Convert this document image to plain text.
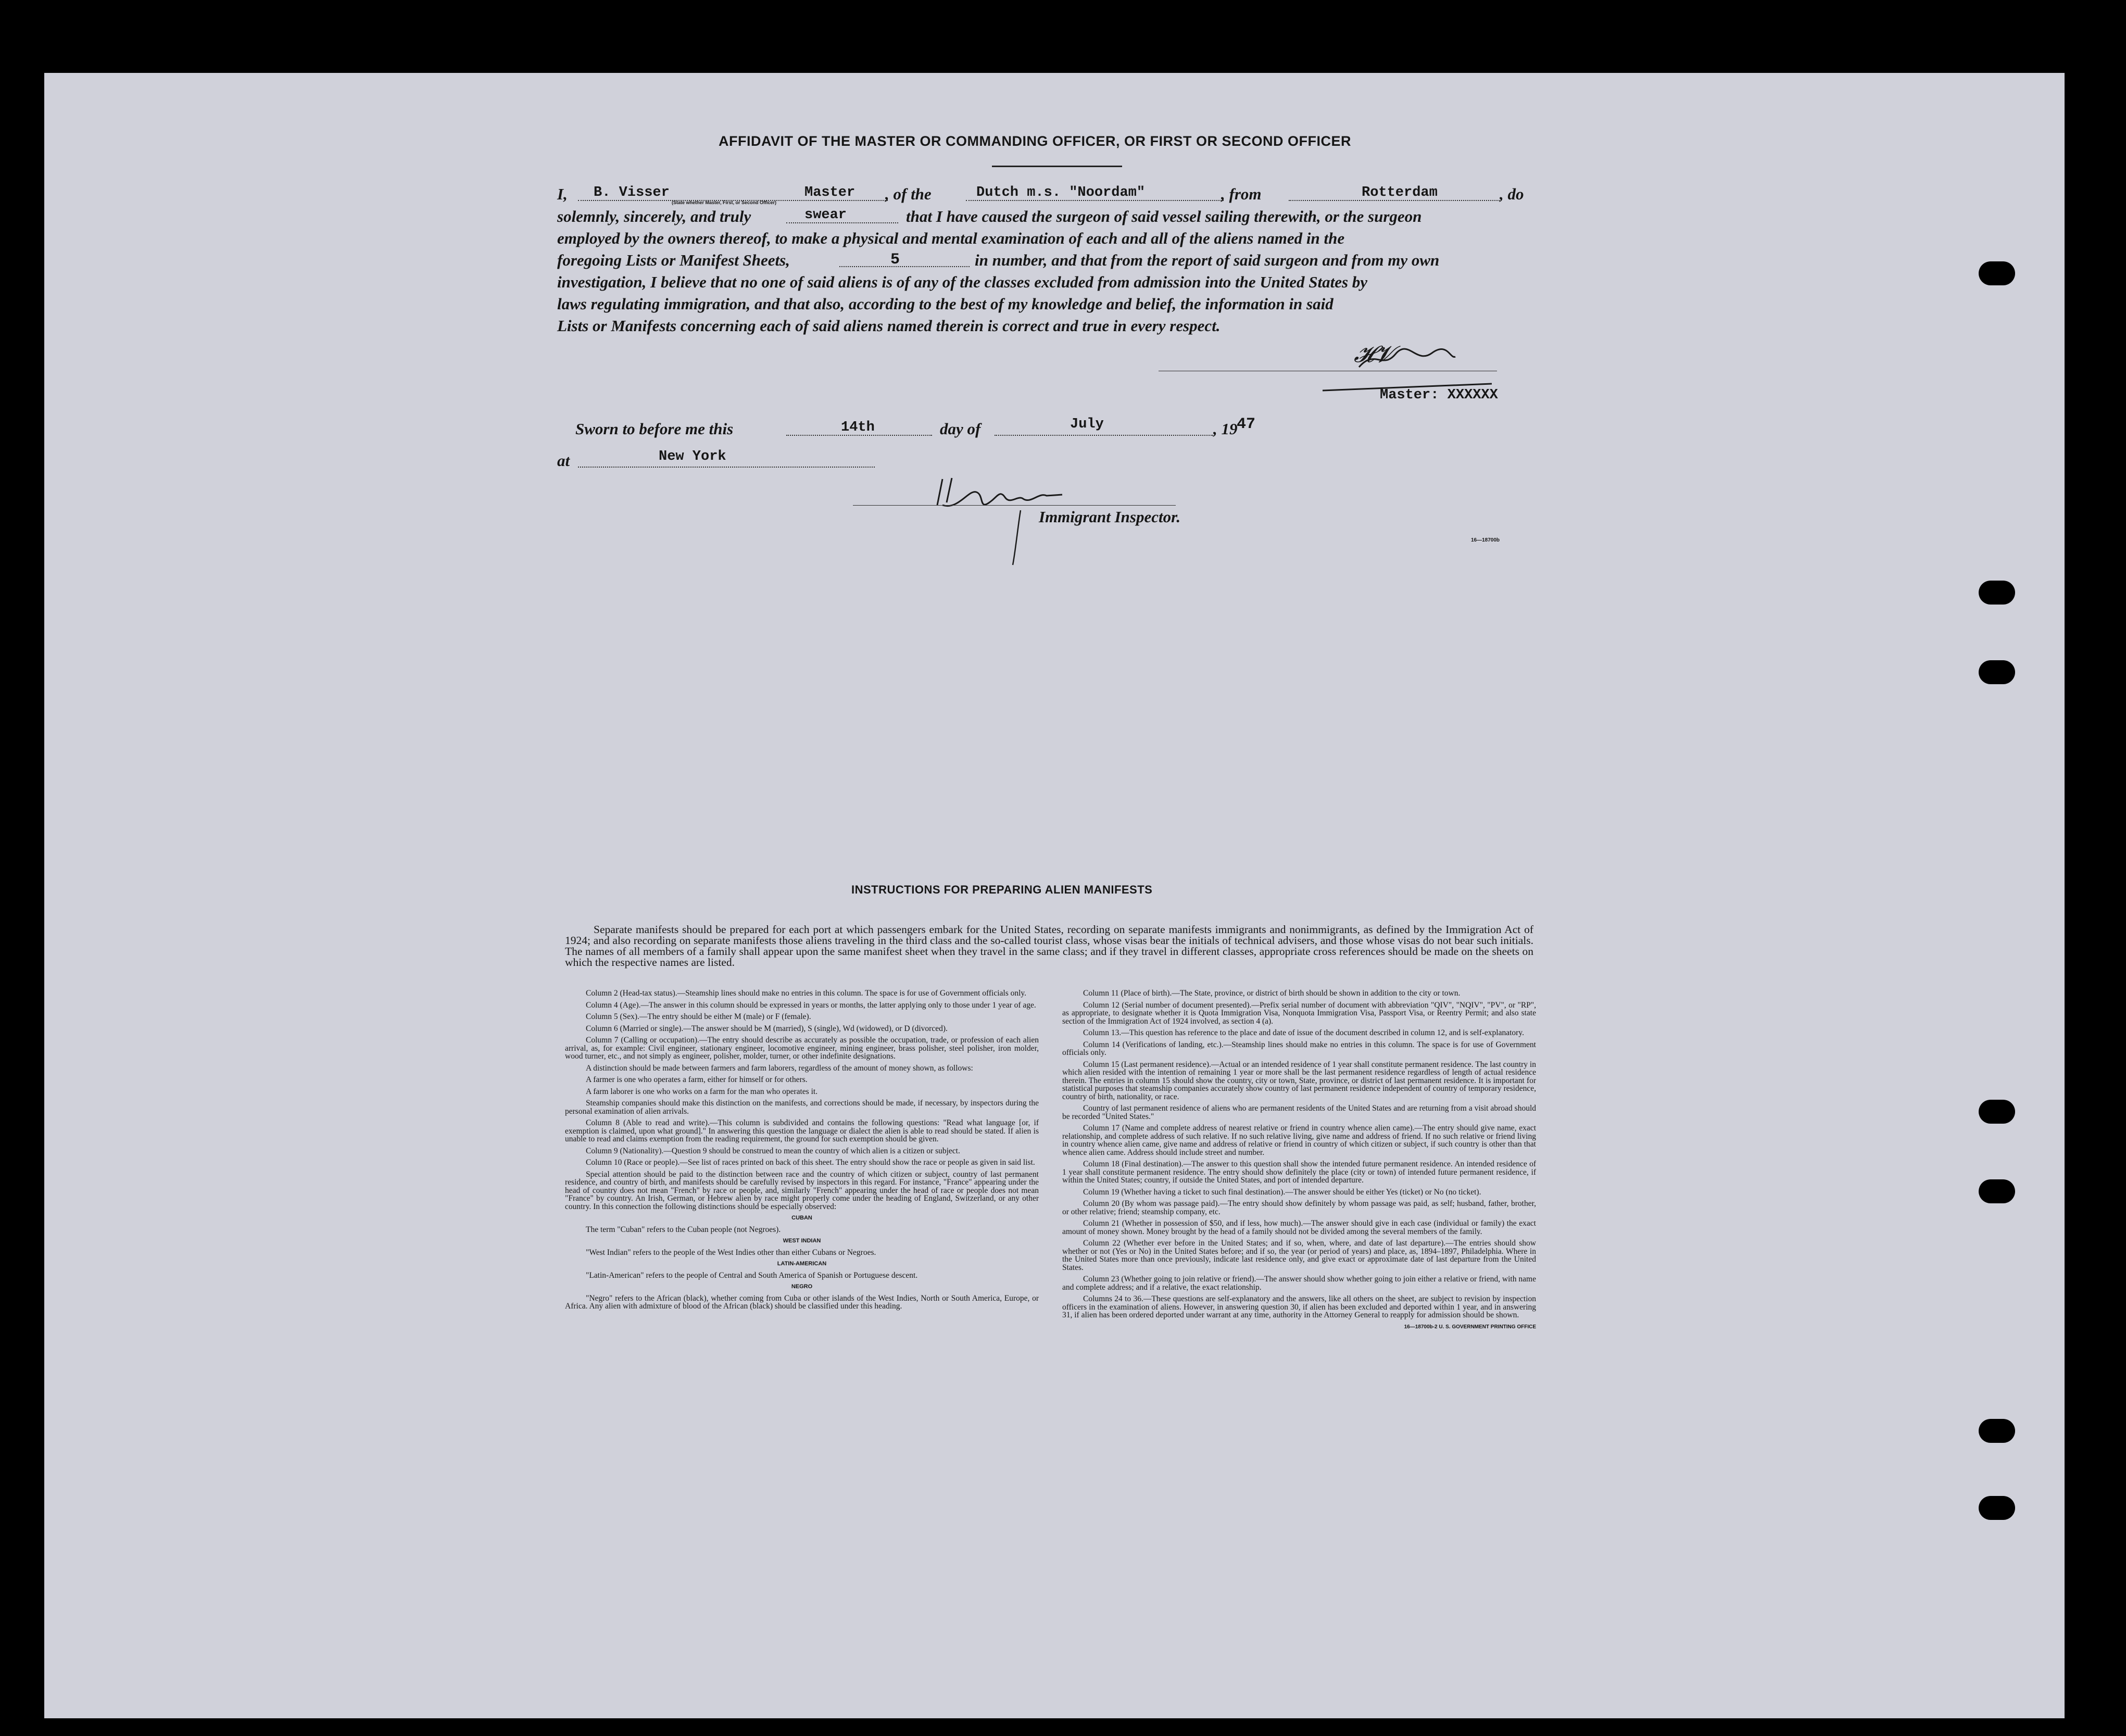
AFFIDAVIT OF THE MASTER OR COMMANDING OFFICER, OR FIRST OR SECOND OFFICER
I, B. Visser	Master
(State whether Master, First, or Second Officer)	, of the	Dutch m.s. "Noordam"	, from	Rotterdam	, do
solemnly, sincerely, and truly	swear	that I have caused the surgeon of said vessel sailing therewith, or the surgeon
employed by the owners thereof, to make a physical and mental examination of each and all of the aliens named in the
foregoing Lists or Manifest Sheets,	5	in number, and that from the report of said surgeon and from my own
investigation, I believe that no one of said aliens is of any of the classes excluded from admission into the United States by
laws regulating immigration, and that also, according to the best of my knowledge and belief, the information in said
Lists or Manifests concerning each of said aliens named therein is correct and true in every respect.
𝓗𝓥
Master: XXXXXX
Sworn to before me this	14th	day of	July	, 19
47
at	New York
Immigrant Inspector.
16—18700b
INSTRUCTIONS FOR PREPARING ALIEN MANIFESTS

Separate manifests should be prepared for each port at which passengers embark for the United States, recording on separate manifests immigrants and nonimmigrants, as defined by the Immigration Act of 1924; and also recording on separate manifests those aliens traveling in the third class and the so-called tourist class, whose visas bear the initials of technical advisers, and those whose visas do not bear such initials. The names of all members of a family shall appear upon the same manifest sheet when they travel in the same class; and if they travel in different classes, appropriate cross references should be made on the sheets on which the respective names are listed.

Column 2 (Head-tax status).—Steamship lines should make no entries in this column. The space is for use of Government officials only.

Column 4 (Age).—The answer in this column should be expressed in years or months, the latter applying only to those under 1 year of age.

Column 5 (Sex).—The entry should be either M (male) or F (female).

Column 6 (Married or single).—The answer should be M (married), S (single), Wd (widowed), or D (divorced).

Column 7 (Calling or occupation).—The entry should describe as accurately as possible the occupation, trade, or profession of each alien arrival, as, for example: Civil engineer, stationary engineer, locomotive engineer, mining engineer, brass polisher, steel polisher, iron molder, wood turner, etc., and not simply as engineer, polisher, molder, turner, or other indefinite designations.

A distinction should be made between farmers and farm laborers, regardless of the amount of money shown, as follows:

A farmer is one who operates a farm, either for himself or for others.

A farm laborer is one who works on a farm for the man who operates it.

Steamship companies should make this distinction on the manifests, and corrections should be made, if necessary, by inspectors during the personal examination of alien arrivals.

Column 8 (Able to read and write).—This column is subdivided and contains the following questions: "Read what language [or, if exemption is claimed, upon what ground]." In answering this question the language or dialect the alien is able to read should be stated. If alien is unable to read and claims exemption from the reading requirement, the ground for such exemption should be given.

Column 9 (Nationality).—Question 9 should be construed to mean the country of which alien is a citizen or subject.

Column 10 (Race or people).—See list of races printed on back of this sheet. The entry should show the race or people as given in said list.

Special attention should be paid to the distinction between race and the country of which citizen or subject, country of last permanent residence, and country of birth, and manifests should be carefully revised by inspectors in this regard. For instance, "France" appearing under the head of country does not mean "French" by race or people, and, similarly "French" appearing under the head of race or people does not mean "France" by country. An Irish, German, or Hebrew alien by race might properly come under the heading of England, Switzerland, or any other country. In this connection the following distinctions should be especially observed:

CUBAN

The term "Cuban" refers to the Cuban people (not Negroes).

WEST INDIAN

"West Indian" refers to the people of the West Indies other than either Cubans or Negroes.

LATIN-AMERICAN

"Latin-American" refers to the people of Central and South America of Spanish or Portuguese descent.

NEGRO

"Negro" refers to the African (black), whether coming from Cuba or other islands of the West Indies, North or South America, Europe, or Africa. Any alien with admixture of blood of the African (black) should be classified under this heading.

Column 11 (Place of birth).—The State, province, or district of birth should be shown in addition to the city or town.

Column 12 (Serial number of document presented).—Prefix serial number of document with abbreviation "QIV", "NQIV", "PV", or "RP", as appropriate, to designate whether it is Quota Immigration Visa, Nonquota Immigration Visa, Passport Visa, or Reentry Permit; and also state section of the Immigration Act of 1924 involved, as section 4 (a).

Column 13.—This question has reference to the place and date of issue of the document described in column 12, and is self-explanatory.

Column 14 (Verifications of landing, etc.).—Steamship lines should make no entries in this column. The space is for use of Government officials only.

Column 15 (Last permanent residence).—Actual or an intended residence of 1 year shall constitute permanent residence. The last country in which alien resided with the intention of remaining 1 year or more shall be the last permanent residence regardless of length of actual residence therein. The entries in column 15 should show the country, city or town, State, province, or district of last permanent residence. It is important for statistical purposes that steamship companies accurately show country of last permanent residence independent of country of temporary residence, country of birth, nationality, or race.

Country of last permanent residence of aliens who are permanent residents of the United States and are returning from a visit abroad should be recorded "United States."

Column 17 (Name and complete address of nearest relative or friend in country whence alien came).—The entry should give name, exact relationship, and complete address of such relative. If no such relative living, give name and address of friend. If no such relative or friend living in country whence alien came, give name and address of relative or friend in country of which citizen or subject, if such country is other than that whence alien came. Address should include street and number.

Column 18 (Final destination).—The answer to this question shall show the intended future permanent residence. An intended residence of 1 year shall constitute permanent residence. The entry should show definitely the place (city or town) of intended future permanent residence, if within the United States; country, if outside the United States, and port of intended departure.

Column 19 (Whether having a ticket to such final destination).—The answer should be either Yes (ticket) or No (no ticket).

Column 20 (By whom was passage paid).—The entry should show definitely by whom passage was paid, as self; husband, father, brother, or other relative; friend; steamship company, etc.

Column 21 (Whether in possession of $50, and if less, how much).—The answer should give in each case (individual or family) the exact amount of money shown. Money brought by the head of a family should not be divided among the several members of the family.

Column 22 (Whether ever before in the United States; and if so, when, where, and date of last departure).—The entries should show whether or not (Yes or No) in the United States before; and if so, the year (or period of years) and place, as, 1894–1897, Philadelphia. Where in the United States more than once previously, indicate last residence only, and give exact or approximate date of last departure from the United States.

Column 23 (Whether going to join relative or friend).—The answer should show whether going to join either a relative or friend, with name and complete address; and if a relative, the exact relationship.

Columns 24 to 36.—These questions are self-explanatory and the answers, like all others on the sheet, are subject to revision by inspection officers in the examination of aliens. However, in answering question 30, if alien has been excluded and deported within 1 year, and in answering 31, if alien has been ordered deported under warrant at any time, authority in the Attorney General to reapply for admission should be shown.

16—18700b-2 U. S. GOVERNMENT PRINTING OFFICE
